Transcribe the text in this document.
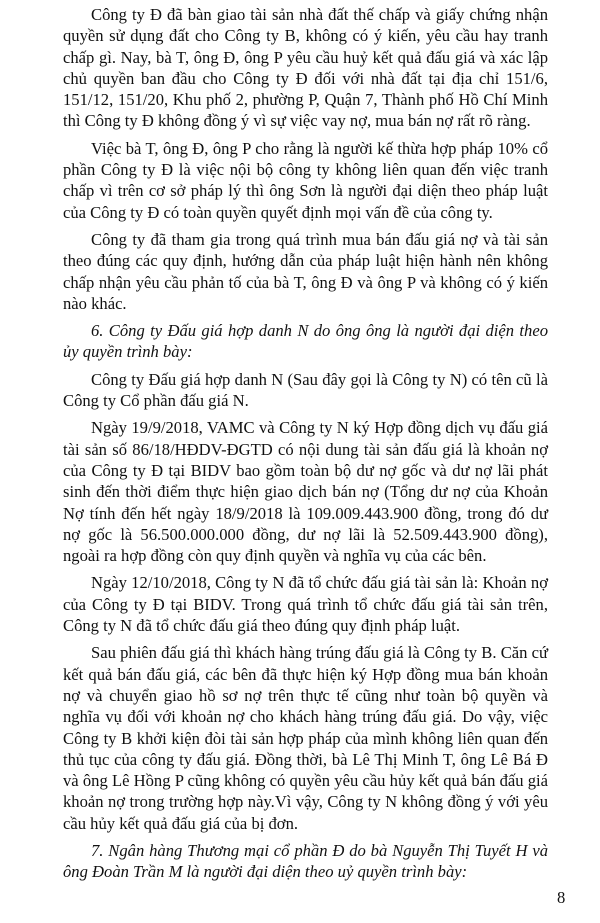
Công ty Đ đã bàn giao tài sản nhà đất thế chấp và giấy chứng nhận quyền sử dụng đất cho Công ty B, không có ý kiến, yêu cầu hay tranh chấp gì. Nay, bà T, ông Đ, ông P yêu cầu huỷ kết quả đấu giá và xác lập chủ quyền ban đầu cho Công ty Đ đối với nhà đất tại địa chỉ 151/6, 151/12, 151/20, Khu phố 2, phường P, Quận 7, Thành phố Hồ Chí Minh thì Công ty Đ không đồng ý vì sự việc vay nợ, mua bán nợ rất rõ ràng.

Việc bà T, ông Đ, ông P cho rằng là người kế thừa hợp pháp 10% cổ phần Công ty Đ là việc nội bộ công ty không liên quan đến việc tranh chấp vì trên cơ sở pháp lý thì ông Sơn là người đại diện theo pháp luật của Công ty Đ có toàn quyền quyết định mọi vấn đề của công ty.

Công ty đã tham gia trong quá trình mua bán đấu giá nợ và tài sản theo đúng các quy định, hướng dẫn của pháp luật hiện hành nên không chấp nhận yêu cầu phản tố của bà T, ông Đ và ông P và không có ý kiến nào khác.

6. Công ty Đấu giá hợp danh N do ông ông là người đại diện theo ủy quyền trình bày:

Công ty Đấu giá hợp danh N (Sau đây gọi là Công ty N) có tên cũ là Công ty Cổ phần đấu giá N.

Ngày 19/9/2018, VAMC và Công ty N ký Hợp đồng dịch vụ đấu giá tài sản số 86/18/HĐDV-ĐGTD có nội dung tài sản đấu giá là khoản nợ của Công ty Đ tại BIDV bao gồm toàn bộ dư nợ gốc và dư nợ lãi phát sinh đến thời điểm thực hiện giao dịch bán nợ (Tổng dư nợ của Khoản Nợ tính đến hết ngày 18/9/2018 là 109.009.443.900 đồng, trong đó dư nợ gốc là 56.500.000.000 đồng, dư nợ lãi là 52.509.443.900 đồng), ngoài ra hợp đồng còn quy định quyền và nghĩa vụ của các bên.

Ngày 12/10/2018, Công ty N đã tổ chức đấu giá tài sản là: Khoản nợ của Công ty Đ tại BIDV. Trong quá trình tổ chức đấu giá tài sản trên, Công ty N đã tổ chức đấu giá theo đúng quy định pháp luật.

Sau phiên đấu giá thì khách hàng trúng đấu giá là Công ty B. Căn cứ kết quả bán đấu giá, các bên đã thực hiện ký Hợp đồng mua bán khoản nợ và chuyển giao hồ sơ nợ trên thực tế cũng như toàn bộ quyền và nghĩa vụ đối với khoản nợ cho khách hàng trúng đấu giá. Do vậy, việc Công ty B khởi kiện đòi tài sản hợp pháp của mình không liên quan đến thủ tục của công ty đấu giá. Đồng thời, bà Lê Thị Minh T, ông Lê Bá Đ và ông Lê Hồng P cũng không có quyền yêu cầu hủy kết quả bán đấu giá khoản nợ trong trường hợp này.Vì vậy, Công ty N không đồng ý với yêu cầu hủy kết quả đấu giá của bị đơn.

7. Ngân hàng Thương mại cổ phần Đ do bà Nguyễn Thị Tuyết H và ông Đoàn Trần M là người đại diện theo uỷ quyền trình bày:

8
